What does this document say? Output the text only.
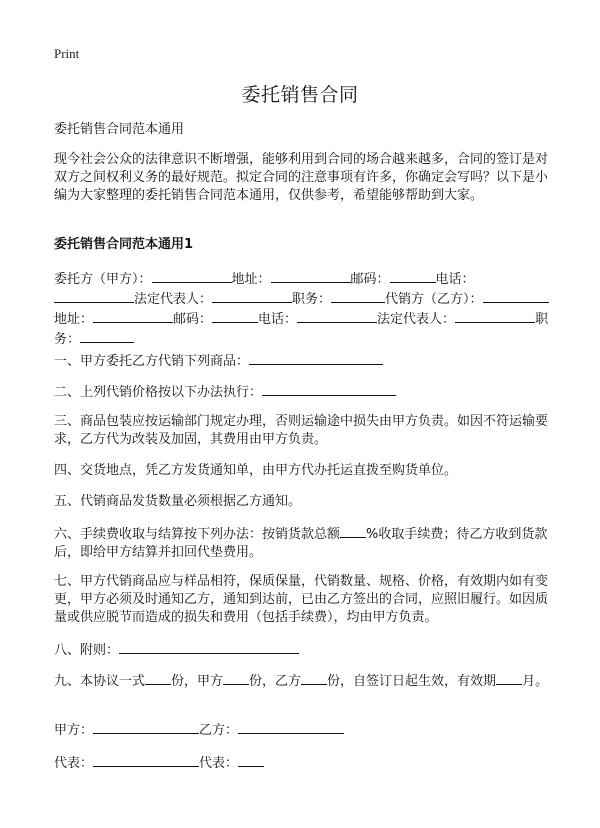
Print
委托销售合同

委托销售合同范本通用

现今社会公众的法律意识不断增强，能够利用到合同的场合越来越多，合同的签订是对双方之间权利义务的最好规范。拟定合同的注意事项有许多，你确定会写吗？以下是小编为大家整理的委托销售合同范本通用，仅供参考，希望能够帮助到大家。

委托销售合同范本通用1

委托方（甲方）：	地址：	邮码：	电话：法定代表人：	职务：	代销方（乙方）：地址：	邮码：	电话：	法定代表人：	职务：

一、甲方委托乙方代销下列商品：

二、上列代销价格按以下办法执行：

三、商品包装应按运输部门规定办理，否则运输途中损失由甲方负责。如因不符运输要求，乙方代为改装及加固，其费用由甲方负责。

四、交货地点，凭乙方发货通知单，由甲方代办托运直拨至购货单位。

五、代销商品发货数量必须根据乙方通知。

六、手续费收取与结算按下列办法：按销货款总额 %收取手续费；待乙方收到货款后，即给甲方结算并扣回代垫费用。

七、甲方代销商品应与样品相符，保质保量，代销数量、规格、价格，有效期内如有变更，甲方必须及时通知乙方，通知到达前，已由乙方签出的合同，应照旧履行。如因质量或供应脱节而造成的损失和费用（包括手续费），均由甲方负责。

八、附则：

九、本协议一式 份，甲方 份，乙方 份，自签订日起生效，有效期 月。

甲方：	乙方：

代表：	代表：
